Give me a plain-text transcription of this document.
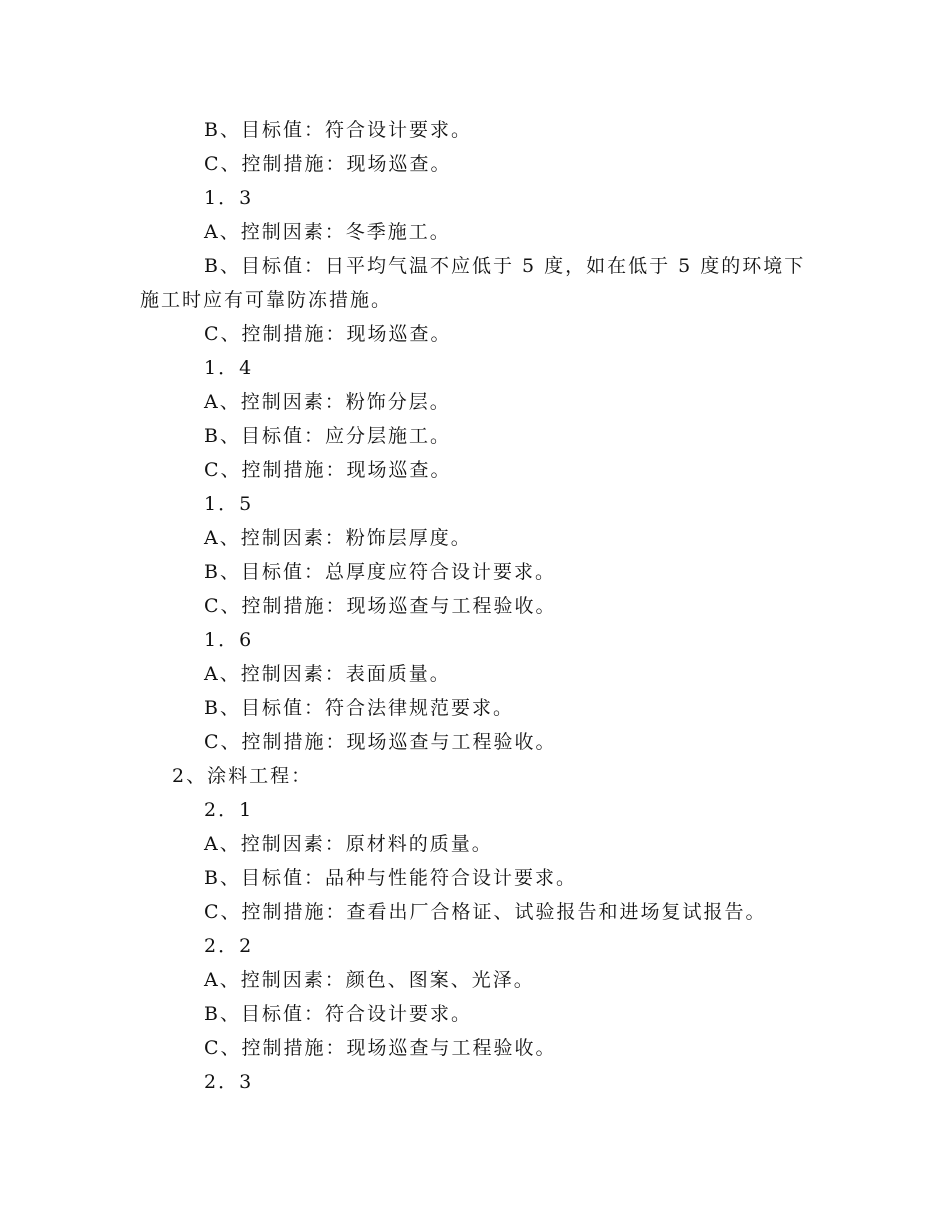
B、目标值：符合设计要求。
C、控制措施：现场巡查。
1．3
A、控制因素：冬季施工。
B、目标值：日平均气温不应低于 5 度，如在低于 5 度的环境下
施工时应有可靠防冻措施。
C、控制措施：现场巡查。
1．4
A、控制因素：粉饰分层。
B、目标值：应分层施工。
C、控制措施：现场巡查。
1．5
A、控制因素：粉饰层厚度。
B、目标值：总厚度应符合设计要求。
C、控制措施：现场巡查与工程验收。
1．6
A、控制因素：表面质量。
B、目标值：符合法律规范要求。
C、控制措施：现场巡查与工程验收。
2、涂料工程：
2．1
A、控制因素：原材料的质量。
B、目标值：品种与性能符合设计要求。
C、控制措施：查看出厂合格证、试验报告和进场复试报告。
2．2
A、控制因素：颜色、图案、光泽。
B、目标值：符合设计要求。
C、控制措施：现场巡查与工程验收。
2．3
